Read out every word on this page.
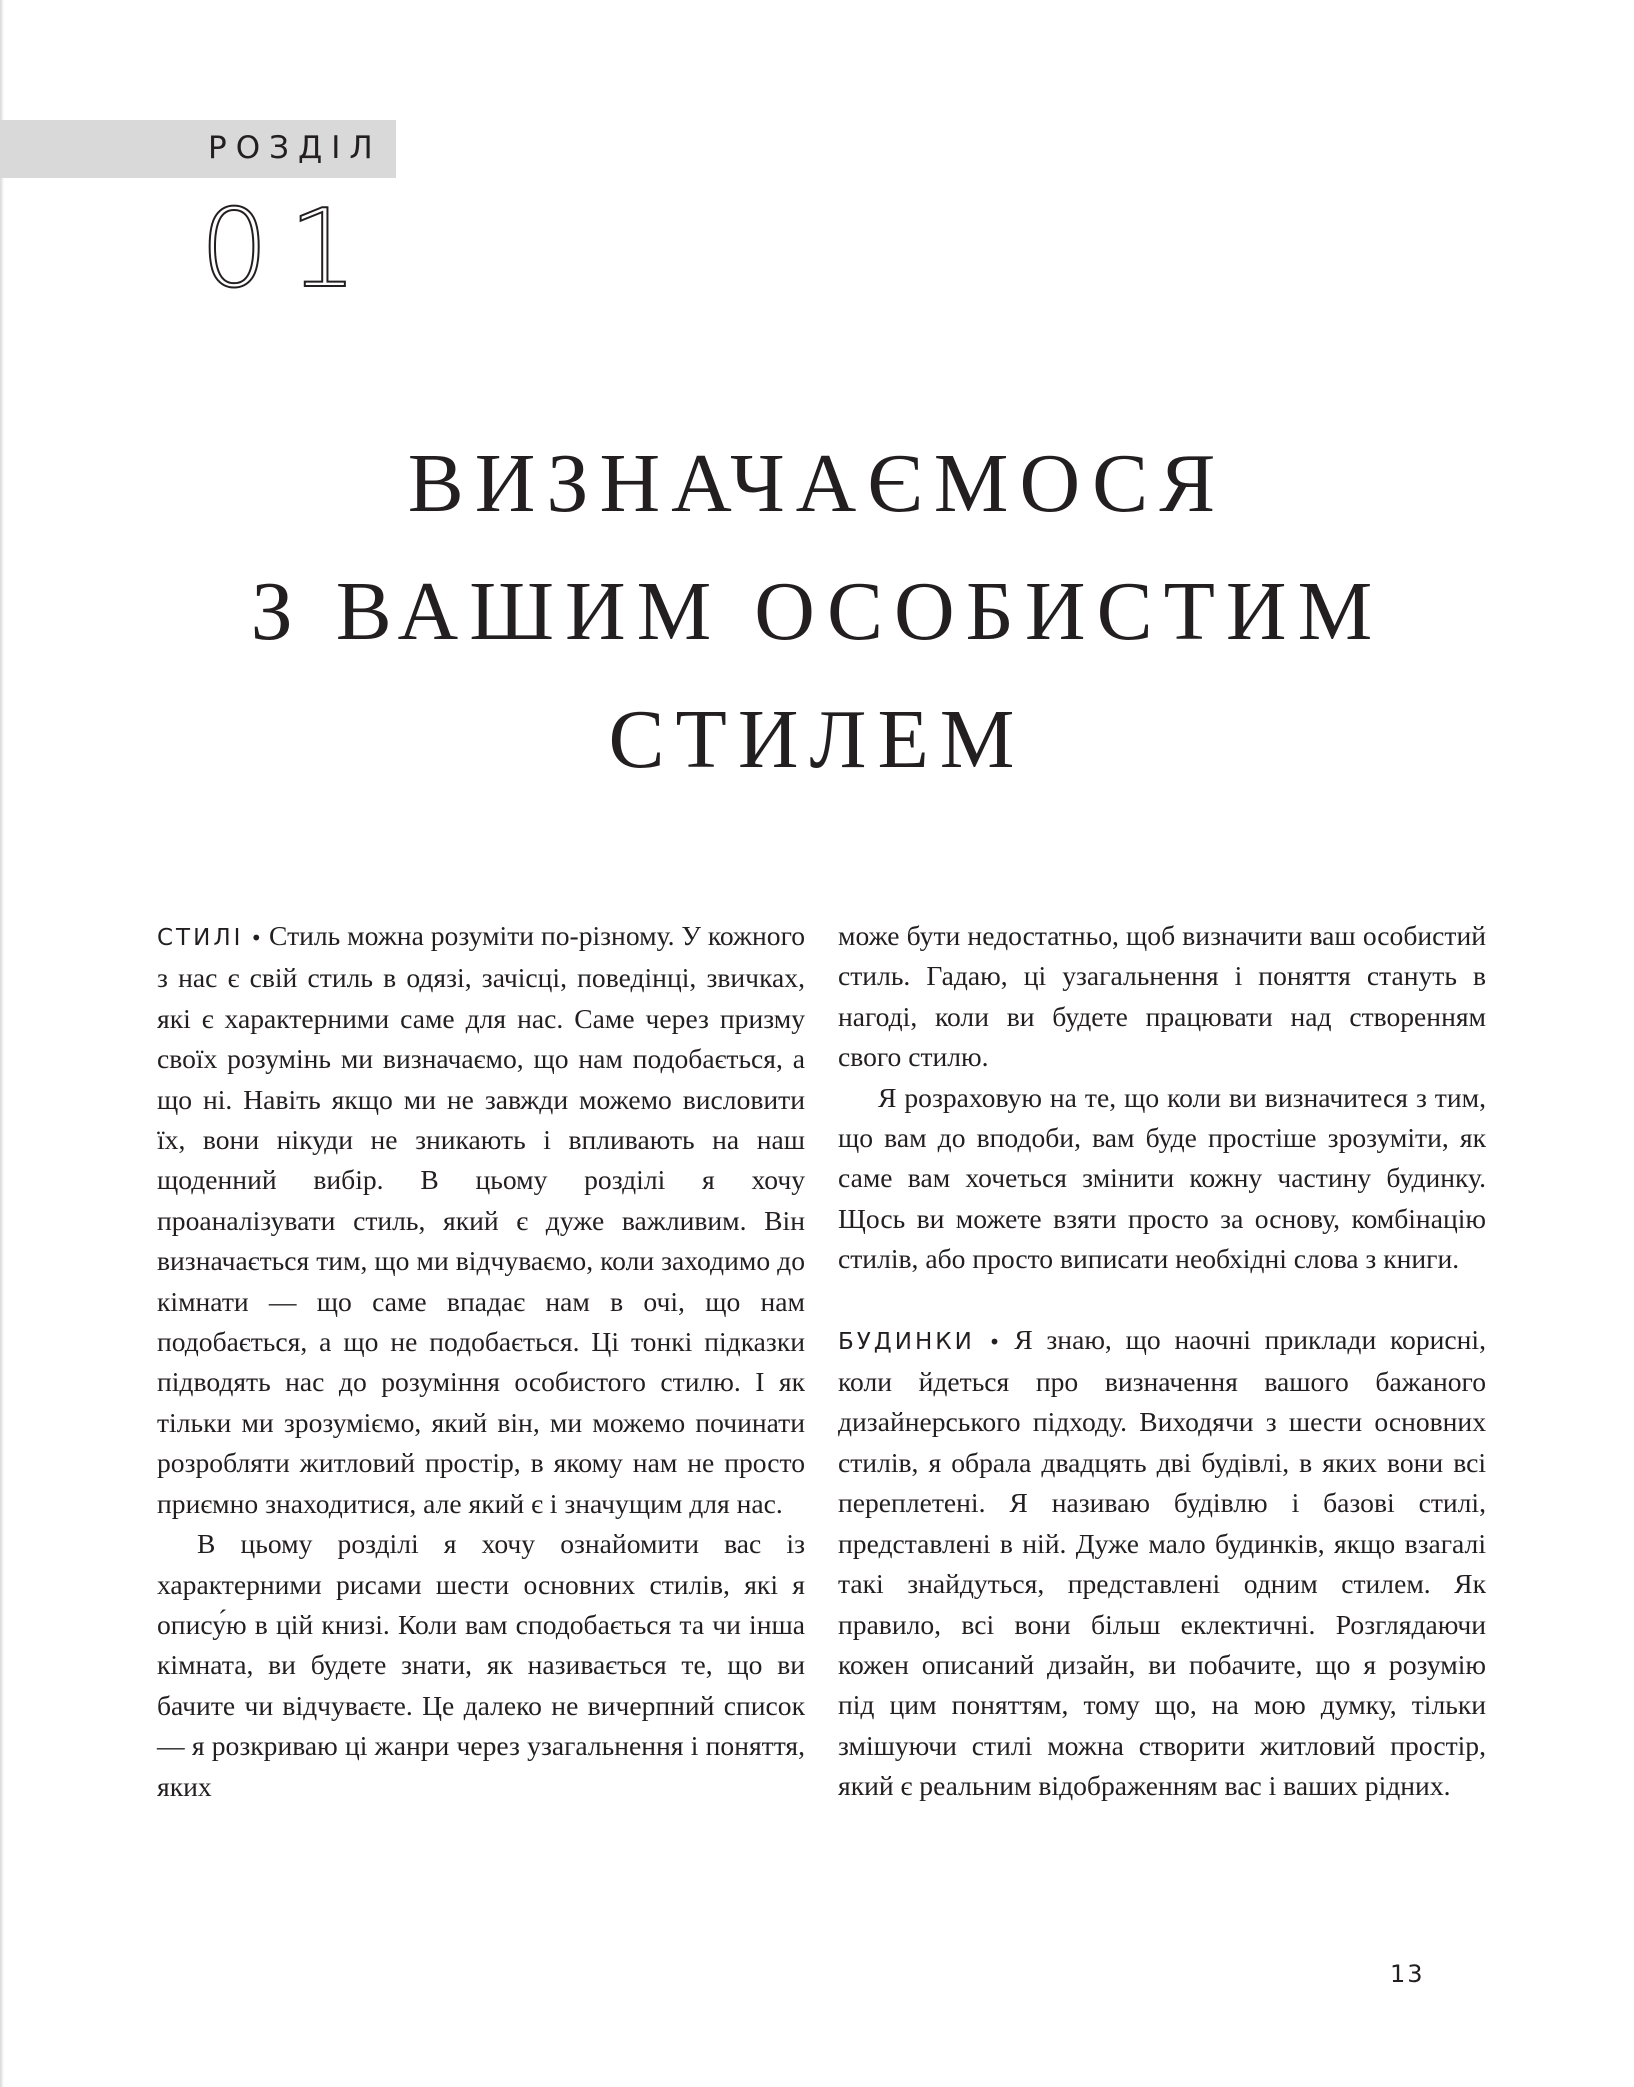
РОЗДІЛ
01
ВИЗНАЧАЄМОСЯ
З ВАШИМ ОСОБИСТИМ
СТИЛЕМ

СТИЛІ • Стиль можна розуміти по-різному. У кожного з нас є свій стиль в одязі, зачісці, поведінці, звичках, які є характерними саме для нас. Саме через призму своїх розумінь ми визначаємо, що нам подобається, а що ні. Навіть якщо ми не завжди можемо висловити їх, вони нікуди не зникають і впливають на наш щоденний вибір. В цьому розділі я хочу проаналізувати стиль, який є дуже важливим. Він визначається тим, що ми відчуваємо, коли заходимо до кімнати — що саме впадає нам в очі, що нам подобається, а що не подобається. Ці тонкі підказки підводять нас до розуміння особистого стилю. І як тільки ми зрозуміємо, який він, ми можемо починати розробляти житловий простір, в якому нам не просто приємно знаходитися, але який є і значущим для нас.

В цьому розділі я хочу ознайомити вас із характерними рисами шести основних стилів, які я опису́ю в цій книзі. Коли вам сподобається та чи інша кімната, ви будете знати, як називається те, що ви бачите чи відчуваєте. Це далеко не вичерпний список — я розкриваю ці жанри через узагальнення і поняття, яких

може бути недостатньо, щоб визначити ваш особистий стиль. Гадаю, ці узагальнення і поняття стануть в нагоді, коли ви будете працювати над створенням свого стилю.

Я розраховую на те, що коли ви визначитеся з тим, що вам до вподоби, вам буде простіше зрозуміти, як саме вам хочеться змінити кожну частину будинку. Щось ви можете взяти просто за основу, комбінацію стилів, або просто виписати необхідні слова з книги.

БУДИНКИ • Я знаю, що наочні приклади корисні, коли йдеться про визначення вашого бажаного дизайнерського підходу. Виходячи з шести основних стилів, я обрала двадцять дві будівлі, в яких вони всі переплетені. Я називаю будівлю і базові стилі, представлені в ній. Дуже мало будинків, якщо взагалі такі знайдуться, представлені одним стилем. Як правило, всі вони більш еклектичні. Розглядаючи кожен описаний дизайн, ви побачите, що я розумію під цим поняттям, тому що, на мою думку, тільки змішуючи стилі можна створити житловий простір, який є реальним відображенням вас і ваших рідних.

13
